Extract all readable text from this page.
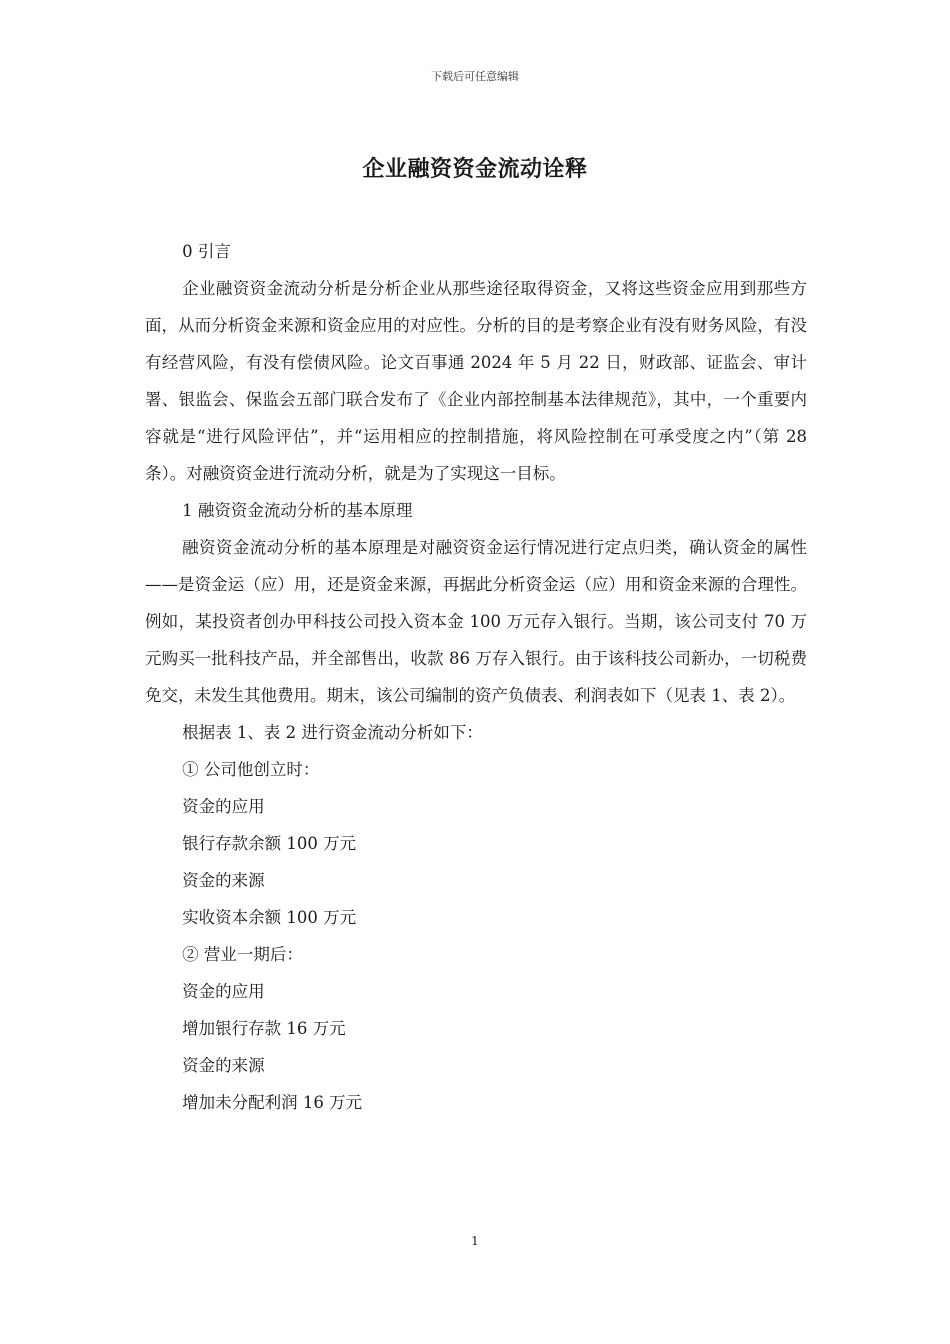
下载后可任意编辑
企业融资资金流动诠释

0 引言

企业融资资金流动分析是分析企业从那些途径取得资金，又将这些资金应用到那些方面，从而分析资金来源和资金应用的对应性。分析的目的是考察企业有没有财务风险，有没有经营风险，有没有偿债风险。论文百事通 2024 年 5 月 22 日，财政部、证监会、审计署、银监会、保监会五部门联合发布了《企业内部控制基本法律规范》，其中，一个重要内容就是“进行风险评估”，并“运用相应的控制措施，将风险控制在可承受度之内”（第 28 条）。对融资资金进行流动分析，就是为了实现这一目标。

1 融资资金流动分析的基本原理

融资资金流动分析的基本原理是对融资资金运行情况进行定点归类，确认资金的属性——是资金运（应）用，还是资金来源，再据此分析资金运（应）用和资金来源的合理性。例如，某投资者创办甲科技公司投入资本金 100 万元存入银行。当期，该公司支付 70 万元购买一批科技产品，并全部售出，收款 86 万存入银行。由于该科技公司新办，一切税费免交，未发生其他费用。期末，该公司编制的资产负债表、利润表如下（见表 1、表 2）。

根据表 1、表 2 进行资金流动分析如下：

① 公司他创立时：

资金的应用

银行存款余额 100 万元

资金的来源

实收资本余额 100 万元

② 营业一期后：

资金的应用

增加银行存款 16 万元

资金的来源

增加未分配利润 16 万元

1
